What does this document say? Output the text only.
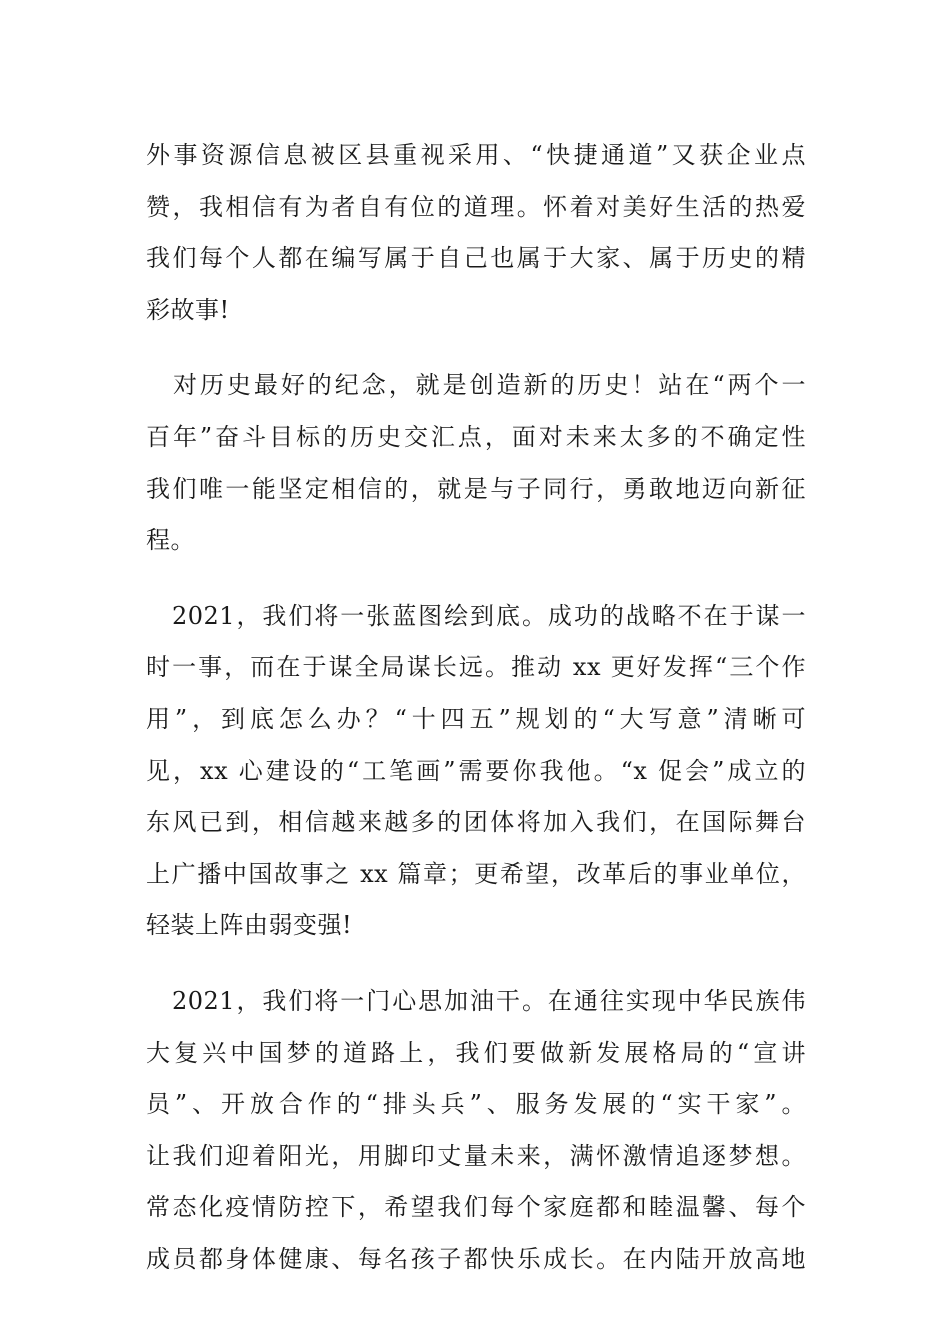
外事资源信息被区县重视采用、“快捷通道”又获企业点
赞，我相信有为者自有位的道理。怀着对美好生活的热爱
我们每个人都在编写属于自己也属于大家、属于历史的精
彩故事!
　对历史最好的纪念，就是创造新的历史！站在“两个一
百年”奋斗目标的历史交汇点，面对未来太多的不确定性
我们唯一能坚定相信的，就是与子同行，勇敢地迈向新征
程。
　2021，我们将一张蓝图绘到底。成功的战略不在于谋一
时一事，而在于谋全局谋长远。推动 xx 更好发挥“三个作
用”，到底怎么办？“十四五”规划的“大写意”清晰可
见，xx 心建设的“工笔画”需要你我他。“x 促会”成立的
东风已到，相信越来越多的团体将加入我们，在国际舞台
上广播中国故事之 xx 篇章；更希望，改革后的事业单位，
轻装上阵由弱变强!
　2021，我们将一门心思加油干。在通往实现中华民族伟
大复兴中国梦的道路上，我们要做新发展格局的“宣讲
员”、开放合作的“排头兵”、服务发展的“实干家”。
让我们迎着阳光，用脚印丈量未来，满怀激情追逐梦想。
常态化疫情防控下，希望我们每个家庭都和睦温馨、每个
成员都身体健康、每名孩子都快乐成长。在内陆开放高地
